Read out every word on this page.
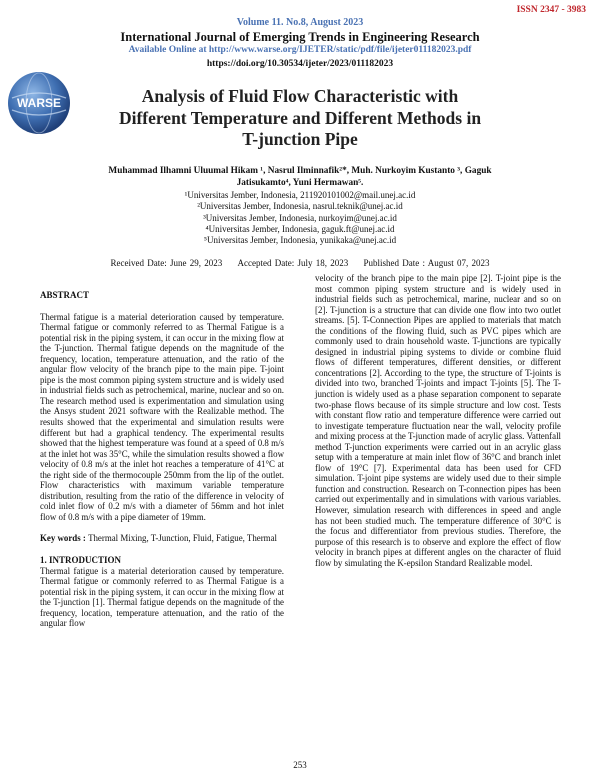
ISSN 2347 - 3983
Volume 11. No.8, August 2023
International Journal of Emerging Trends in Engineering Research
Available Online at http://www.warse.org/IJETER/static/pdf/file/ijeter011182023.pdf
https://doi.org/10.30534/ijeter/2023/011182023
WARSE	Analysis of Fluid Flow Characteristic with
Different Temperature and Different Methods in
T-junction Pipe
Muhammad Ilhamni Uluumal Hikam ¹, Nasrul Ilminnafik²*, Muh. Nurkoyim Kustanto ³, Gaguk
Jatisukamto⁴, Yuni Hermawan⁵.
¹Universitas Jember, Indonesia, 211920101002@mail.unej.ac.id
²Universitas Jember, Indonesia, nasrul.teknik@unej.ac.id
³Universitas Jember, Indonesia, nurkoyim@unej.ac.id
⁴Universitas Jember, Indonesia, gaguk.ft@unej.ac.id
⁵Universitas Jember, Indonesia, yunikaka@unej.ac.id
Received Date: June 29, 2023 Accepted Date: July 18, 2023 Published Date : August 07, 2023
ABSTRACT

Thermal fatigue is a material deterioration caused by temperature. Thermal fatigue or commonly referred to as Thermal Fatigue is a potential risk in the piping system, it can occur in the mixing flow at the T-junction. Thermal fatigue depends on the magnitude of the frequency, location, temperature attenuation, and the ratio of the angular flow velocity of the branch pipe to the main pipe. T-joint pipe is the most common piping system structure and is widely used in industrial fields such as petrochemical, marine, nuclear and so on. The research method used is experimentation and simulation using the Ansys student 2021 software with the Realizable method. The results showed that the experimental and simulation results were different but had a graphical tendency. The experimental results showed that the highest temperature was found at a speed of 0.8 m/s at the inlet hot was 35°C, while the simulation results showed a flow velocity of 0.8 m/s at the inlet hot reaches a temperature of 41°C at the right side of the thermocouple 250mm from the lip of the outlet. Flow characteristics with maximum variable temperature distribution, resulting from the ratio of the difference in velocity of cold inlet flow of 0.2 m/s with a diameter of 56mm and hot inlet flow of 0.8 m/s with a pipe diameter of 19mm.

Key words : Thermal Mixing, T-Junction, Fluid, Fatigue, Thermal

1. INTRODUCTION

Thermal fatigue is a material deterioration caused by temperature. Thermal fatigue or commonly referred to as Thermal Fatigue is a potential risk in the piping system, it can occur in the mixing flow at the T-junction [1]. Thermal fatigue depends on the magnitude of the frequency, location, temperature attenuation, and the ratio of the angular flow

velocity of the branch pipe to the main pipe [2]. T-joint pipe is the most common piping system structure and is widely used in industrial fields such as petrochemical, marine, nuclear and so on [2]. T-junction is a structure that can divide one flow into two outlet streams. [5]. T-Connection Pipes are applied to materials that match the conditions of the flowing fluid, such as PVC pipes which are commonly used to drain household waste. T-junctions are typically designed in industrial piping systems to divide or combine fluid flows of different temperatures, different densities, or different concentrations [2]. According to the type, the structure of T-joints is divided into two, branched T-joints and impact T-joints [5]. The T-junction is widely used as a phase separation component to separate two-phase flows because of its simple structure and low cost. Tests with constant flow ratio and temperature difference were carried out to investigate temperature fluctuation near the wall, velocity profile and mixing process at the T-junction made of acrylic glass. Vattenfall method T-junction experiments were carried out in an acrylic glass setup with a temperature at main inlet flow of 36°C and branch inlet flow of 19°C [7]. Experimental data has been used for CFD simulation. T-joint pipe systems are widely used due to their simple function and construction. Research on T-connection pipes has been carried out experimentally and in simulations with various variables. However, simulation research with differences in speed and angle has not been studied much. The temperature difference of 30°C is the focus and differentiator from previous studies. Therefore, the purpose of this research is to observe and explore the effect of flow velocity in branch pipes at different angles on the character of fluid flow by simulating the K-epsilon Standard Realizable model.

253
